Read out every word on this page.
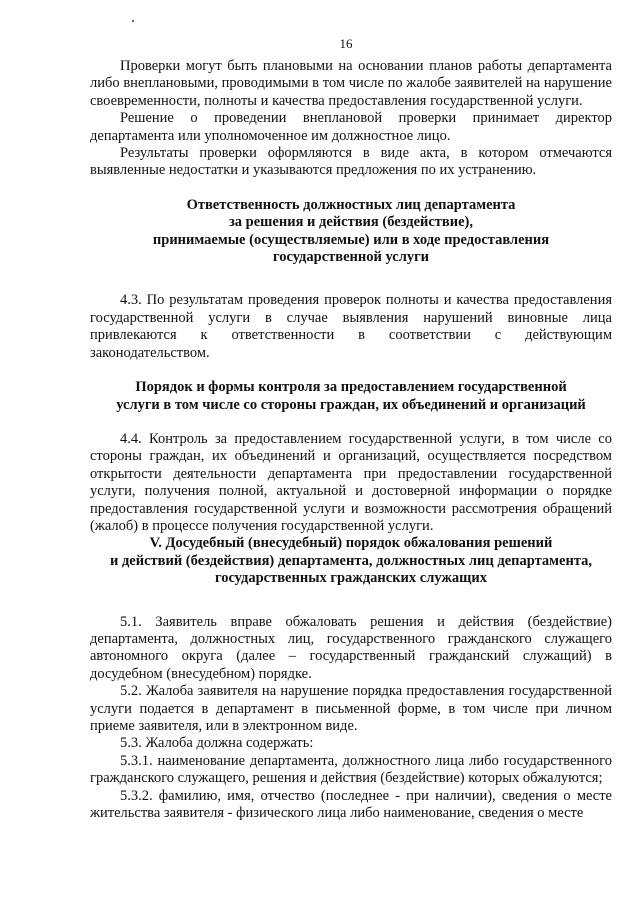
16

Проверки могут быть плановыми на основании планов работы департамента либо внеплановыми, проводимыми в том числе по жалобе заявителей на нарушение своевременности, полноты и качества предоставления государственной услуги.

Решение о проведении внеплановой проверки принимает директор департамента или уполномоченное им должностное лицо.

Результаты проверки оформляются в виде акта, в котором отмечаются выявленные недостатки и указываются предложения по их устранению.

Ответственность должностных лиц департамента
за решения и действия (бездействие),
принимаемые (осуществляемые) или в ходе предоставления
государственной услуги

4.3. По результатам проведения проверок полноты и качества предоставления государственной услуги в случае выявления нарушений виновные лица привлекаются к ответственности в соответствии с действующим законодательством.

Порядок и формы контроля за предоставлением государственной
услуги в том числе со стороны граждан, их объединений и организаций

4.4. Контроль за предоставлением государственной услуги, в том числе со стороны граждан, их объединений и организаций, осуществляется посредством открытости деятельности департамента при предоставлении государственной услуги, получения полной, актуальной и достоверной информации о порядке предоставления государственной услуги и возможности рассмотрения обращений (жалоб) в процессе получения государственной услуги.

V. Досудебный (внесудебный) порядок обжалования решений
и действий (бездействия) департамента, должностных лиц департамента,
государственных гражданских служащих

5.1. Заявитель вправе обжаловать решения и действия (бездействие) департамента, должностных лиц, государственного гражданского служащего автономного округа (далее – государственный гражданский служащий) в досудебном (внесудебном) порядке.

5.2. Жалоба заявителя на нарушение порядка предоставления государственной услуги подается в департамент в письменной форме, в том числе при личном приеме заявителя, или в электронном виде.

5.3. Жалоба должна содержать:

5.3.1. наименование департамента, должностного лица либо государственного гражданского служащего, решения и действия (бездействие) которых обжалуются;

5.3.2. фамилию, имя, отчество (последнее - при наличии), сведения о месте жительства заявителя - физического лица либо наименование, сведения о месте
